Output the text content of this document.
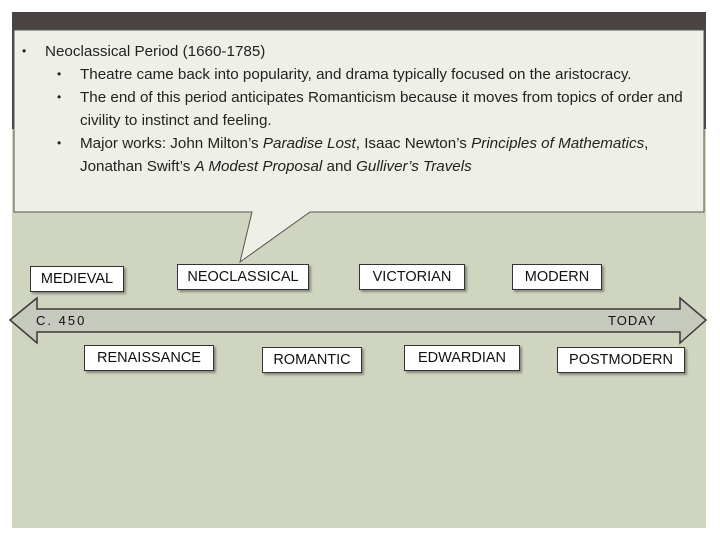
• Neoclassical Period (1660-1785)
• Theatre came back into popularity, and drama typically focused on the aristocracy.
• The end of this period anticipates Romanticism because it moves from topics of order and civility to instinct and feeling.
• Major works: John Milton’s Paradise Lost, Isaac Newton’s Principles of Mathematics, Jonathan Swift’s A Modest Proposal and Gulliver’s Travels
MEDIEVAL	NEOCLASSICAL	VICTORIAN	MODERN
C. 450	TODAY
RENAISSANCE	ROMANTIC	EDWARDIAN	POSTMODERN
